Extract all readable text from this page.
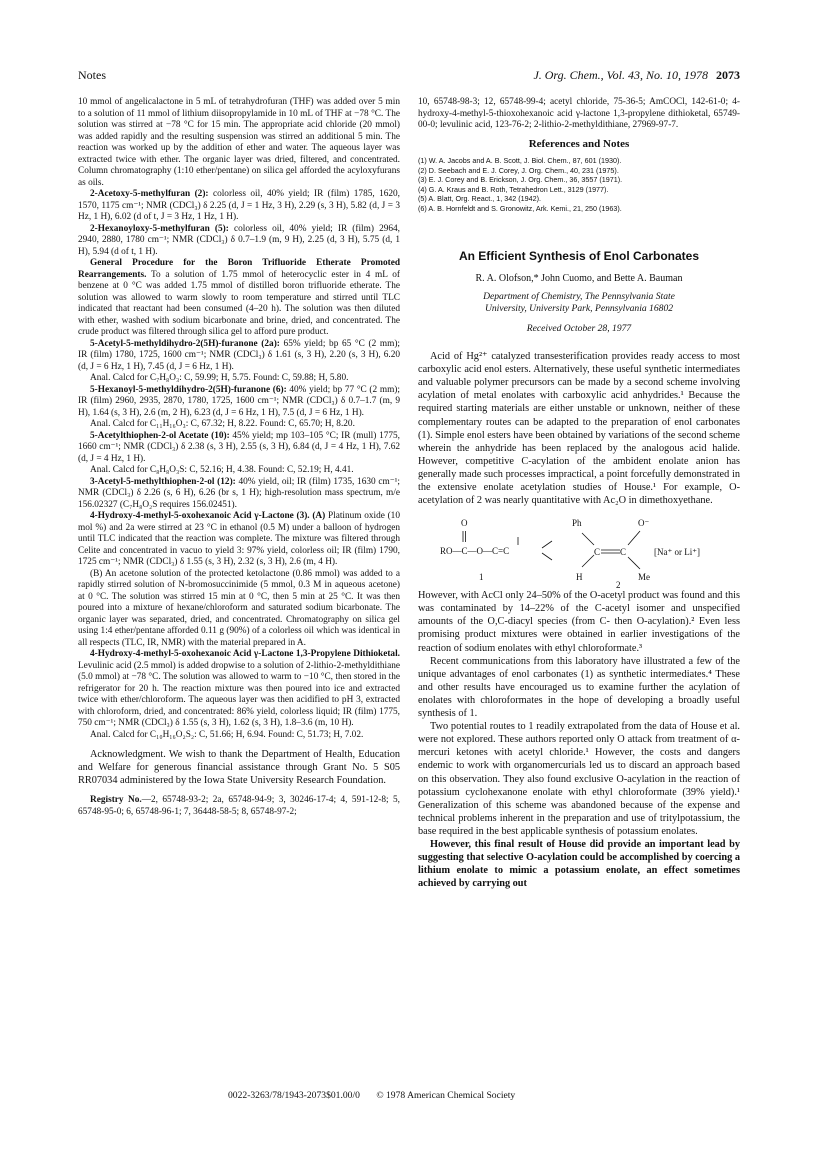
Notes	J. Org. Chem., Vol. 43, No. 10, 1978 2073

10 mmol of angelicalactone in 5 mL of tetrahydrofuran (THF) was added over 5 min to a solution of 11 mmol of lithium diisopropylamide in 10 mL of THF at −78 °C. The solution was stirred at −78 °C for 15 min. The appropriate acid chloride (20 mmol) was added rapidly and the resulting suspension was stirred an additional 5 min. The reaction was worked up by the addition of ether and water. The aqueous layer was extracted twice with ether. The organic layer was dried, filtered, and concentrated. Column chromatography (1:10 ether/pentane) on silica gel afforded the acyloxyfurans as oils.

2-Acetoxy-5-methylfuran (2): colorless oil, 40% yield; IR (film) 1785, 1620, 1570, 1175 cm⁻¹; NMR (CDCl₃) δ 2.25 (d, J = 1 Hz, 3 H), 2.29 (s, 3 H), 5.82 (d, J = 3 Hz, 1 H), 6.02 (d of t, J = 3 Hz, 1 Hz, 1 H).

2-Hexanoyloxy-5-methylfuran (5): colorless oil, 40% yield; IR (film) 2964, 2940, 2880, 1780 cm⁻¹; NMR (CDCl₃) δ 0.7–1.9 (m, 9 H), 2.25 (d, 3 H), 5.75 (d, 1 H), 5.94 (d of t, 1 H).

General Procedure for the Boron Trifluoride Etherate Promoted Rearrangements. To a solution of 1.75 mmol of heterocyclic ester in 4 mL of benzene at 0 °C was added 1.75 mmol of distilled boron trifluoride etherate. The solution was allowed to warm slowly to room temperature and stirred until TLC indicated that reactant had been consumed (4–20 h). The solution was then diluted with ether, washed with sodium bicarbonate and brine, dried, and concentrated. The crude product was filtered through silica gel to afford pure product.

5-Acetyl-5-methyldihydro-2(5H)-furanone (2a): 65% yield; bp 65 °C (2 mm); IR (film) 1780, 1725, 1600 cm⁻¹; NMR (CDCl₃) δ 1.61 (s, 3 H), 2.20 (s, 3 H), 6.20 (d, J = 6 Hz, 1 H), 7.45 (d, J = 6 Hz, 1 H).

Anal. Calcd for C₇H₈O₃: C, 59.99; H, 5.75. Found: C, 59.88; H, 5.80.

5-Hexanoyl-5-methyldihydro-2(5H)-furanone (6): 40% yield; bp 77 °C (2 mm); IR (film) 2960, 2935, 2870, 1780, 1725, 1600 cm⁻¹; NMR (CDCl₃) δ 0.7–1.7 (m, 9 H), 1.64 (s, 3 H), 2.6 (m, 2 H), 6.23 (d, J = 6 Hz, 1 H), 7.5 (d, J = 6 Hz, 1 H).

Anal. Calcd for C₁₁H₁₆O₃: C, 67.32; H, 8.22. Found: C, 65.70; H, 8.20.

5-Acetylthiophen-2-ol Acetate (10): 45% yield; mp 103–105 °C; IR (mull) 1775, 1660 cm⁻¹; NMR (CDCl₃) δ 2.38 (s, 3 H), 2.55 (s, 3 H), 6.84 (d, J = 4 Hz, 1 H), 7.62 (d, J = 4 Hz, 1 H).

Anal. Calcd for C₈H₈O₃S: C, 52.16; H, 4.38. Found: C, 52.19; H, 4.41.

3-Acetyl-5-methylthiophen-2-ol (12): 40% yield, oil; IR (film) 1735, 1630 cm⁻¹; NMR (CDCl₃) δ 2.26 (s, 6 H), 6.26 (br s, 1 H); high-resolution mass spectrum, m/e 156.02327 (C₇H₈O₂S requires 156.02451).

4-Hydroxy-4-methyl-5-oxohexanoic Acid γ-Lactone (3). (A) Platinum oxide (10 mol %) and 2a were stirred at 23 °C in ethanol (0.5 M) under a balloon of hydrogen until TLC indicated that the reaction was complete. The mixture was filtered through Celite and concentrated in vacuo to yield 3: 97% yield, colorless oil; IR (film) 1790, 1725 cm⁻¹; NMR (CDCl₃) δ 1.55 (s, 3 H), 2.32 (s, 3 H), 2.6 (m, 4 H).

(B) An acetone solution of the protected ketolactone (0.86 mmol) was added to a rapidly stirred solution of N-bromosuccinimide (5 mmol, 0.3 M in aqueous acetone) at 0 °C. The solution was stirred 15 min at 0 °C, then 5 min at 25 °C. It was then poured into a mixture of hexane/chloroform and saturated sodium bicarbonate. The organic layer was separated, dried, and concentrated. Chromatography on silica gel using 1:4 ether/pentane afforded 0.11 g (90%) of a colorless oil which was identical in all respects (TLC, IR, NMR) with the material prepared in A.

4-Hydroxy-4-methyl-5-oxohexanoic Acid γ-Lactone 1,3-Propylene Dithioketal. Levulinic acid (2.5 mmol) is added dropwise to a solution of 2-lithio-2-methyldithiane (5.0 mmol) at −78 °C. The solution was allowed to warm to −10 °C, then stored in the refrigerator for 20 h. The reaction mixture was then poured into ice and extracted twice with ether/chloroform. The aqueous layer was then acidified to pH 3, extracted with chloroform, dried, and concentrated: 86% yield, colorless liquid; IR (film) 1775, 750 cm⁻¹; NMR (CDCl₃) δ 1.55 (s, 3 H), 1.62 (s, 3 H), 1.8–3.6 (m, 10 H).

Anal. Calcd for C₁₀H₁₆O₂S₂: C, 51.66; H, 6.94. Found: C, 51.73; H, 7.02.

Acknowledgment. We wish to thank the Department of Health, Education and Welfare for generous financial assistance through Grant No. 5 S05 RR07034 administered by the Iowa State University Research Foundation.

Registry No.—2, 65748-93-2; 2a, 65748-94-9; 3, 30246-17-4; 4, 591-12-8; 5, 65748-95-0; 6, 65748-96-1; 7, 36448-58-5; 8, 65748-97-2;

10, 65748-98-3; 12, 65748-99-4; acetyl chloride, 75-36-5; AmCOCl, 142-61-0; 4-hydroxy-4-methyl-5-thioxohexanoic acid γ-lactone 1,3-propylene dithioketal, 65749-00-0; levulinic acid, 123-76-2; 2-lithio-2-methyldithiane, 27969-97-7.

References and Notes
(1) W. A. Jacobs and A. B. Scott, J. Biol. Chem., 87, 601 (1930).
(2) D. Seebach and E. J. Corey, J. Org. Chem., 40, 231 (1975).
(3) E. J. Corey and B. Erickson, J. Org. Chem., 36, 3557 (1971).
(4) G. A. Kraus and B. Roth, Tetrahedron Lett., 3129 (1977).
(5) A. Blatt, Org. React., 1, 342 (1942).
(6) A. B. Hornfeldt and S. Gronowitz, Ark. Kemi., 21, 250 (1963).
An Efficient Synthesis of Enol Carbonates
R. A. Olofson,* John Cuomo, and Bette A. Bauman
Department of Chemistry, The Pennsylvania State
University, University Park, Pennsylvania 16802
Received October 28, 1977

Acid of Hg²⁺ catalyzed transesterification provides ready access to most carboxylic acid enol esters. Alternatively, these useful synthetic intermediates and valuable polymer precursors can be made by a second scheme involving acylation of metal enolates with carboxylic acid anhydrides.¹ Because the required starting materials are either unstable or unknown, neither of these complementary routes can be adapted to the preparation of enol carbonates (1). Simple enol esters have been obtained by variations of the second scheme wherein the anhydride has been replaced by the analogous acid halide. However, competitive C-acylation of the ambident enolate anion has generally made such processes impractical, a point forcefully demonstrated in the extensive enolate acetylation studies of House.¹ For example, O-acetylation of 2 was nearly quantitative with Ac₂O in dimethoxyethane.

O
RO—C—O—C=C
1
Ph
C C
O⁻
H	Me
[Na⁺ or Li⁺]
2

However, with AcCl only 24–50% of the O-acetyl product was found and this was contaminated by 14–22% of the C-acetyl isomer and unspecified amounts of the O,C-diacyl species (from C- then O-acylation).² Even less promising product mixtures were obtained in earlier investigations of the reaction of sodium enolates with ethyl chloroformate.³

Recent communications from this laboratory have illustrated a few of the unique advantages of enol carbonates (1) as synthetic intermediates.⁴ These and other results have encouraged us to examine further the acylation of enolates with chloroformates in the hope of developing a broadly useful synthesis of 1.

Two potential routes to 1 readily extrapolated from the data of House et al. were not explored. These authors reported only O attack from treatment of α-mercuri ketones with acetyl chloride.¹ However, the costs and dangers endemic to work with organomercurials led us to discard an approach based on this observation. They also found exclusive O-acylation in the reaction of potassium cyclohexanone enolate with ethyl chloroformate (39% yield).¹ Generalization of this scheme was abandoned because of the expense and technical problems inherent in the preparation and use of tritylpotassium, the base required in the best applicable synthesis of potassium enolates.

However, this final result of House did provide an important lead by suggesting that selective O-acylation could be accomplished by coercing a lithium enolate to mimic a potassium enolate, an effect sometimes achieved by carrying out

0022-3263/78/1943-2073$01.00/0 © 1978 American Chemical Society
